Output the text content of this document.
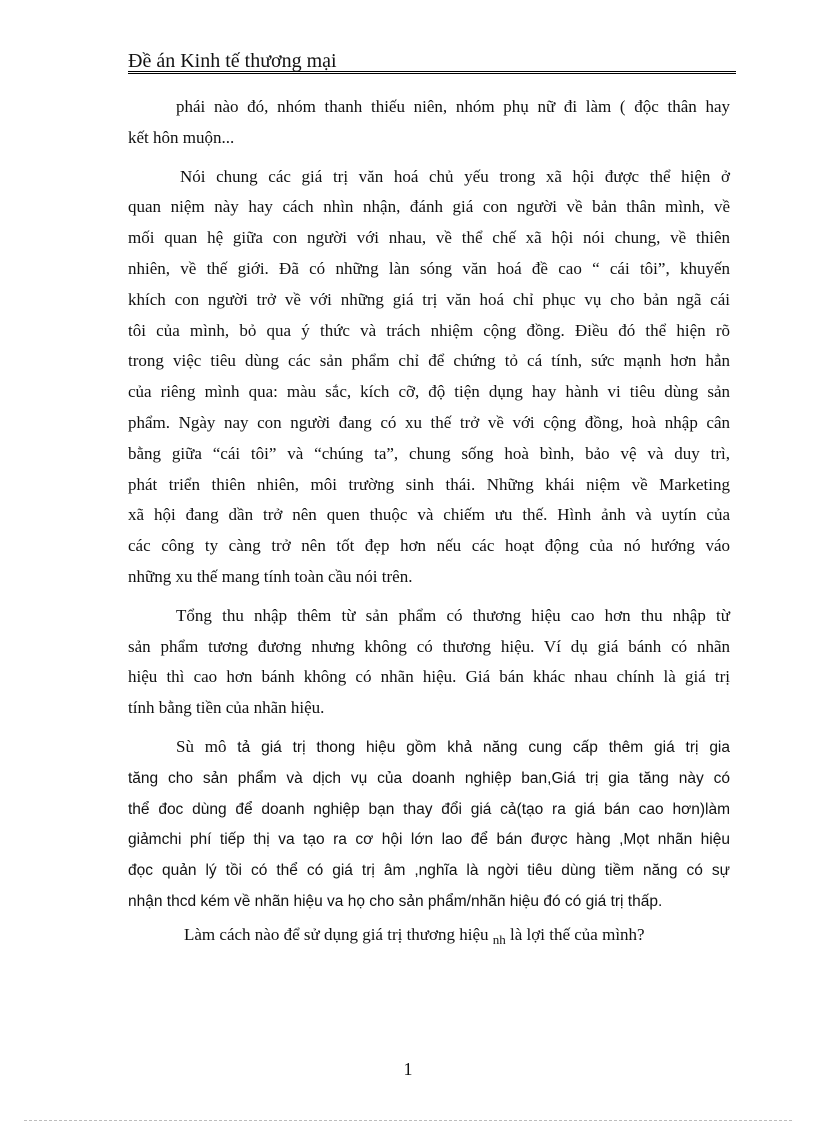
Đề án Kinh tế thương mại

phái nào đó, nhóm thanh thiếu niên, nhóm phụ nữ đi làm ( độc thân hay
kết hôn muộn...

Nói chung các giá trị văn hoá chủ yếu trong xã hội được thể hiện ở
quan niệm này hay cách nhìn nhận, đánh giá con người về bản thân mình, về
mối quan hệ giữa con người với nhau, về thể chế xã hội nói chung, về thiên
nhiên, về thế giới. Đã có những làn sóng văn hoá đề cao “ cái tôi”, khuyến
khích con người trở về với những giá trị văn hoá chỉ phục vụ cho bản ngã cái
tôi của mình, bỏ qua ý thức và trách nhiệm cộng đồng. Điều đó thể hiện rõ
trong việc tiêu dùng các sản phẩm chỉ để chứng tỏ cá tính, sức mạnh hơn hẳn
của riêng mình qua: màu sắc, kích cỡ, độ tiện dụng hay hành vi tiêu dùng sản
phẩm. Ngày nay con người đang có xu thế trở về với cộng đồng, hoà nhập cân
bằng giữa “cái tôi” và “chúng ta”, chung sống hoà bình, bảo vệ và duy trì,
phát triển thiên nhiên, môi trường sinh thái. Những khái niệm về Marketing
xã hội đang dần trở nên quen thuộc và chiếm ưu thế. Hình ảnh và uytín của
các công ty càng trở nên tốt đẹp hơn nếu các hoạt động của nó hướng váo
những xu thế mang tính toàn cầu nói trên.

Tổng thu nhập thêm từ sản phẩm có thương hiệu cao hơn thu nhập từ
sản phẩm tương đương nhưng không có thương hiệu. Ví dụ giá bánh có nhãn
hiệu thì cao hơn bánh không có nhãn hiệu. Giá bán khác nhau chính là giá trị
tính bằng tiền của nhãn hiệu.

Sù mô tả giá trị thong hiệu gồm khả năng cung cấp thêm giá trị gia
tăng cho sản phẩm và dịch vụ của doanh nghiệp ban,Giá trị gia tăng này có
thể đoc dùng để doanh nghiệp bạn thay đổi giá cả(tạo ra giá bán cao hơn)làm
giảmchi phí tiếp thị va tạo ra cơ hội lớn lao để bán được hàng ,Mọt nhãn hiệu
đọc quản lý tồi có thể có giá trị âm ,nghĩa là ngời tiêu dùng tiềm năng có sự
nhận thcd kém về nhãn hiệu va họ cho sản phẩm/nhãn hiệu đó có giá trị thấp.

Làm cách nào để sử dụng giá trị thương hiệu $_{nh}$ là lợi thế của mình?

1
